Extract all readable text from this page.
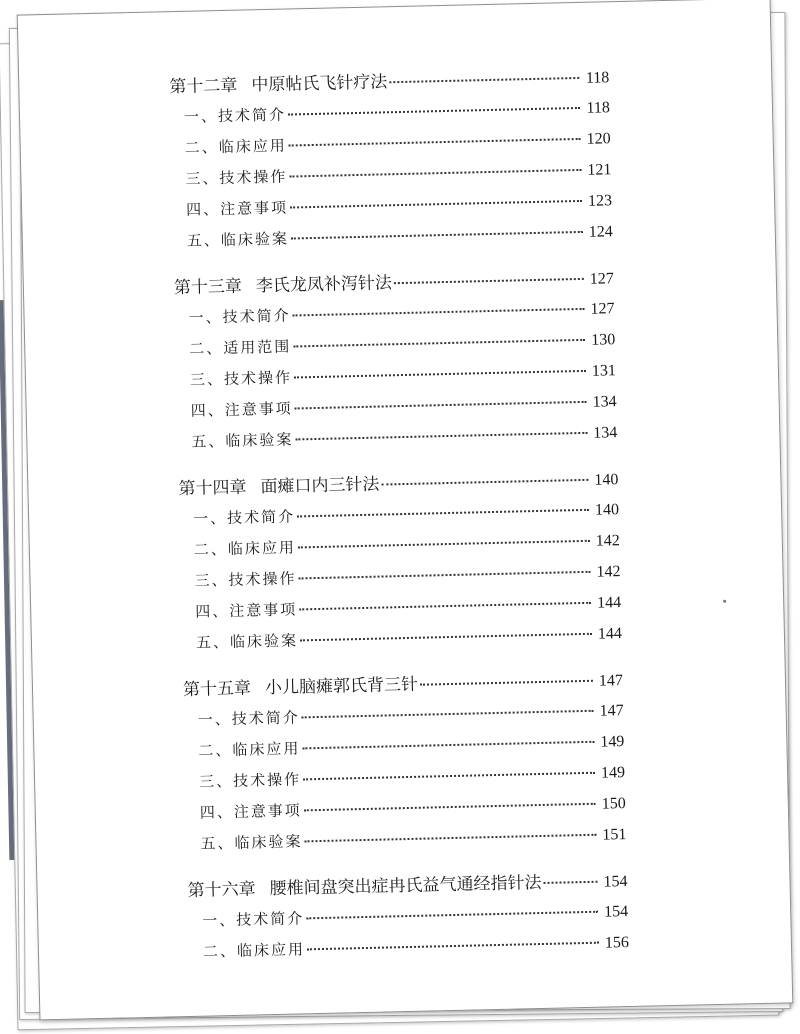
第十二章 中原帖氏飞针疗法	118
一、技术简介	118
二、临床应用	120
三、技术操作	121
四、注意事项	123
五、临床验案	124
第十三章 李氏龙凤补泻针法	127
一、技术简介	127
二、适用范围	130
三、技术操作	131
四、注意事项	134
五、临床验案	134
第十四章 面瘫口内三针法	140
一、技术简介	140
二、临床应用	142
三、技术操作	142
四、注意事项	144
五、临床验案	144
第十五章 小儿脑瘫郭氏背三针	147
一、技术简介	147
二、临床应用	149
三、技术操作	149
四、注意事项	150
五、临床验案	151
第十六章 腰椎间盘突出症冉氏益气通经指针法	154
一、技术简介	154
二、临床应用	156
